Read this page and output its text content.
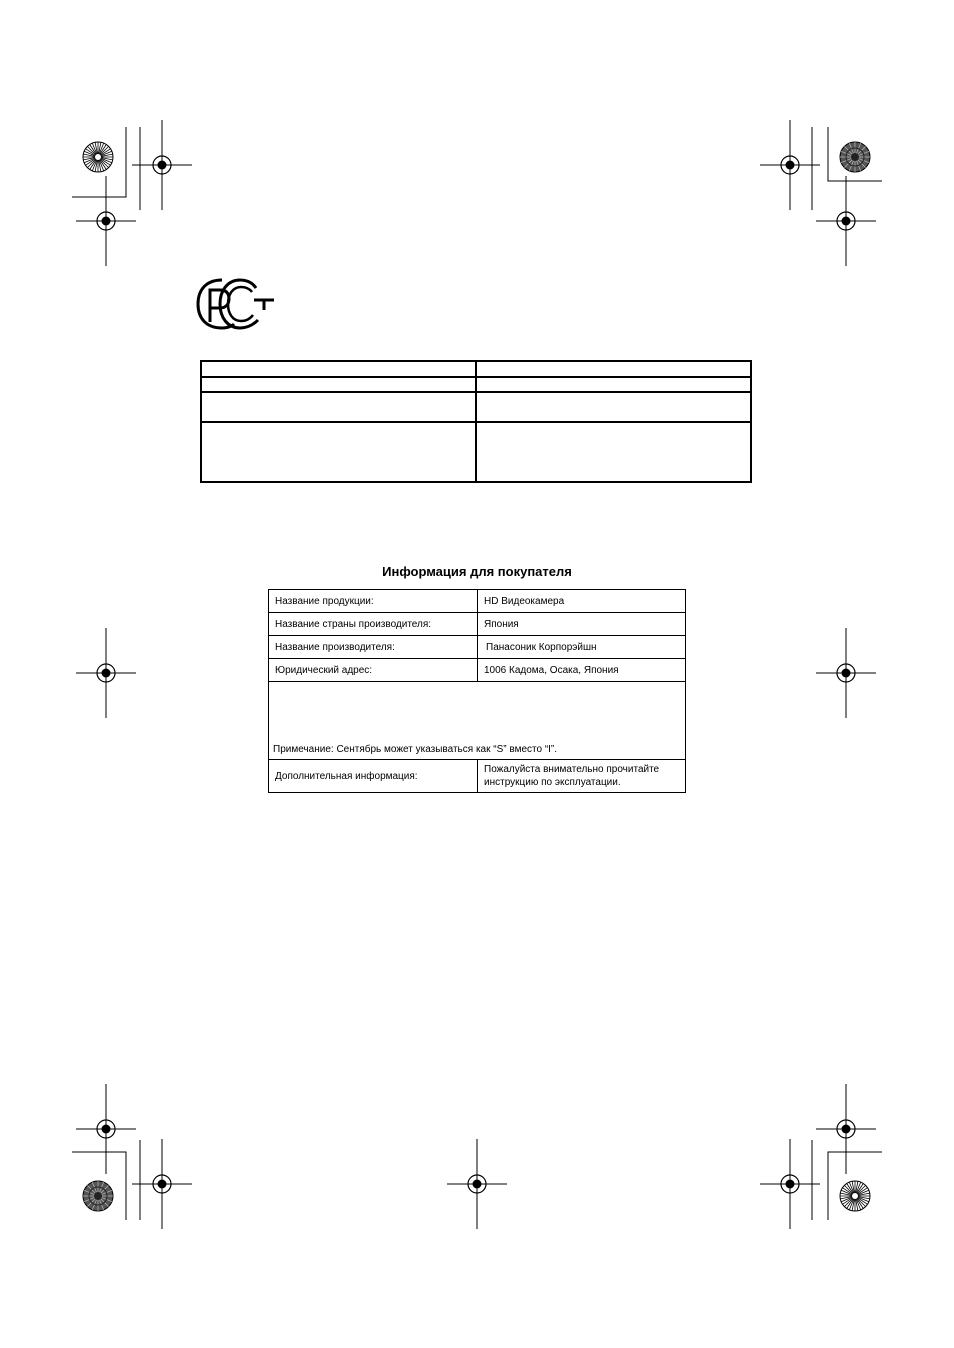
Информация для покупателя
Название продукции:	HD Видеокамера
Название страны производителя:	Япония
Название производителя:	Панасоник Корпорэйшн
Юридический адрес:	1006 Кадома, Осака, Япония
Примечание: Сентябрь может указываться как “S” вместо “I”.	
Дополнительная информация:	Пожалуйста внимательно прочитайте инструкцию по эксплуатации.
